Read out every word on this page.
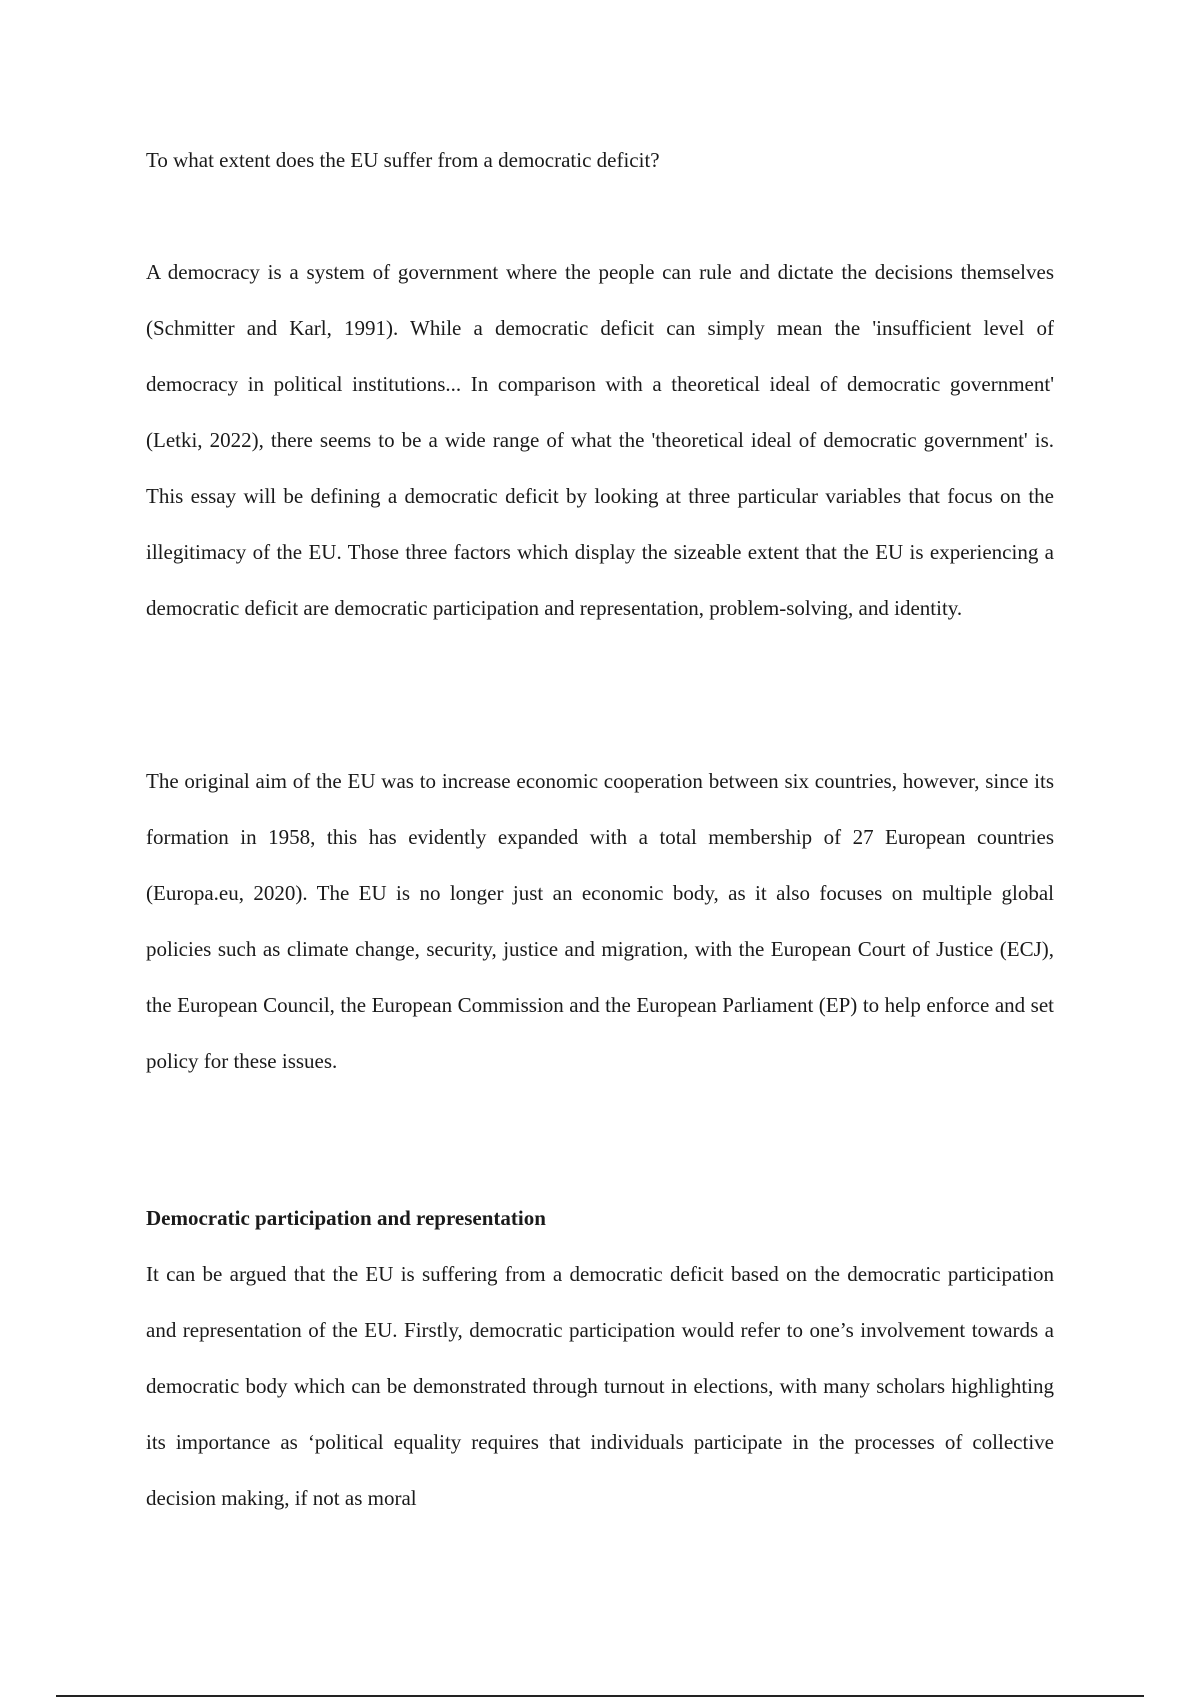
To what extent does the EU suffer from a democratic deficit?

A democracy is a system of government where the people can rule and dictate the decisions themselves (Schmitter and Karl, 1991). While a democratic deficit can simply mean the 'insufficient level of democracy in political institutions... In comparison with a theoretical ideal of democratic government' (Letki, 2022), there seems to be a wide range of what the 'theoretical ideal of democratic government' is. This essay will be defining a democratic deficit by looking at three particular variables that focus on the illegitimacy of the EU. Those three factors which display the sizeable extent that the EU is experiencing a democratic deficit are democratic participation and representation, problem-solving, and identity.

The original aim of the EU was to increase economic cooperation between six countries, however, since its formation in 1958, this has evidently expanded with a total membership of 27 European countries (Europa.eu, 2020). The EU is no longer just an economic body, as it also focuses on multiple global policies such as climate change, security, justice and migration, with the European Court of Justice (ECJ), the European Council, the European Commission and the European Parliament (EP) to help enforce and set policy for these issues.

Democratic participation and representation

It can be argued that the EU is suffering from a democratic deficit based on the democratic participation and representation of the EU. Firstly, democratic participation would refer to one’s involvement towards a democratic body which can be demonstrated through turnout in elections, with many scholars highlighting its importance as ‘political equality requires that individuals participate in the processes of collective decision making, if not as moral
